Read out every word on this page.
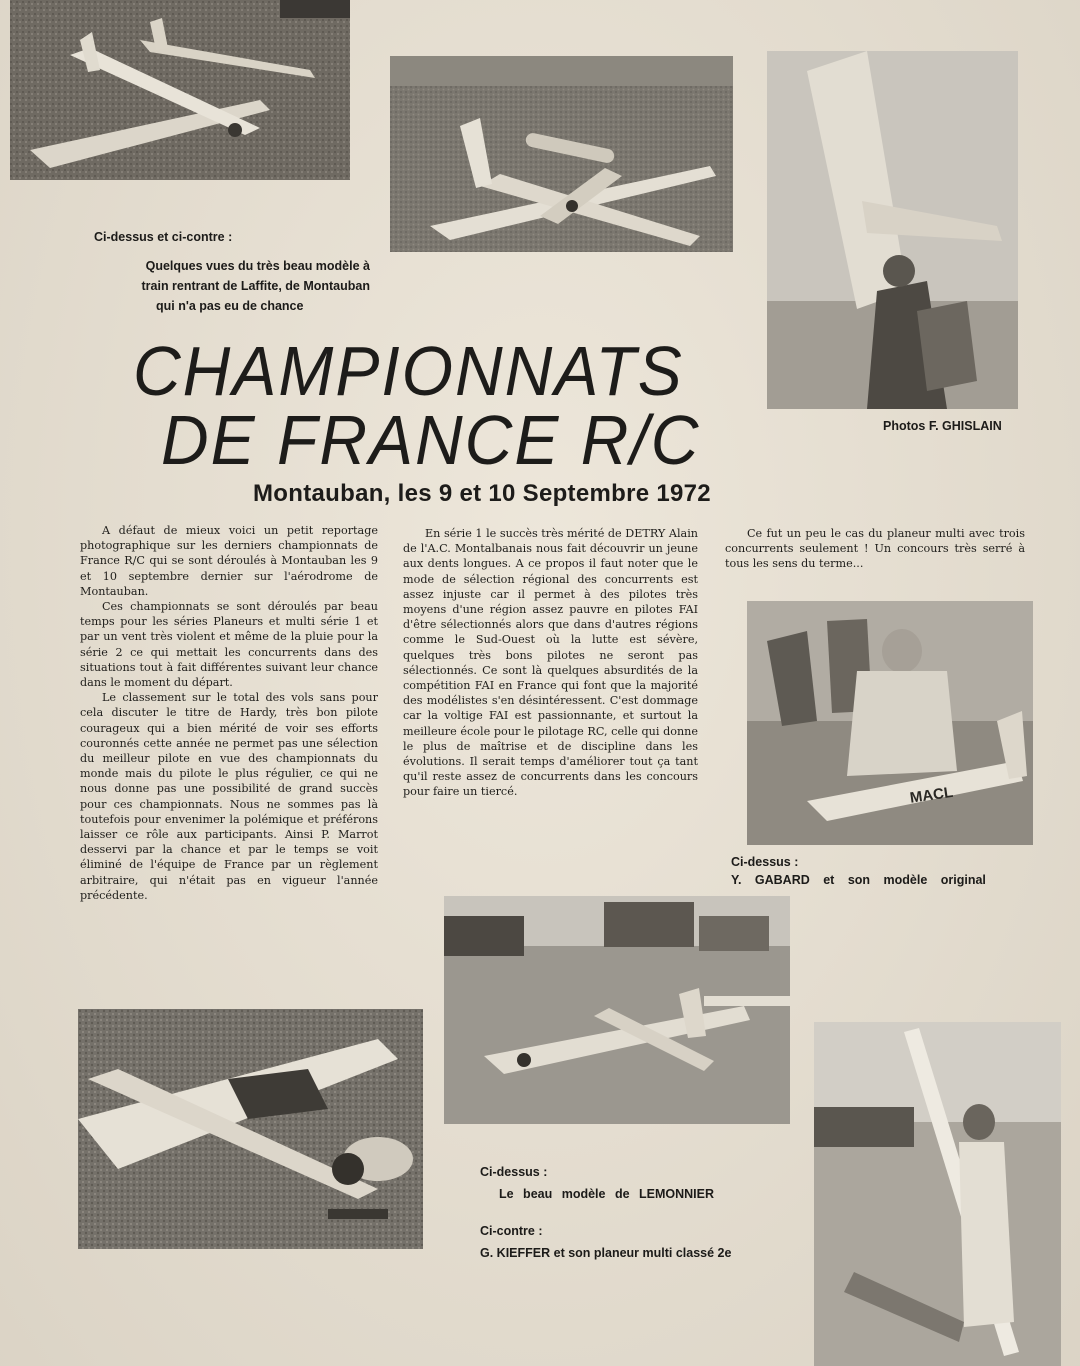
Ci-dessus et ci-contre :
Quelques vues du très beau modèle à
train rentrant de Laffite, de Montauban
qui n'a pas eu de chance
CHAMPIONNATS
DE FRANCE R/C	Photos F. GHISLAIN
Montauban, les 9 et 10 Septembre 1972

A défaut de mieux voici un petit reportage photographique sur les derniers championnats de France R/C qui se sont déroulés à Montauban les 9 et 10 septembre dernier sur l'aérodrome de Montauban.

Ces championnats se sont déroulés par beau temps pour les séries Planeurs et multi série 1 et par un vent très violent et même de la pluie pour la série 2 ce qui mettait les concurrents dans des situations tout à fait différentes suivant leur chance dans le moment du départ.

Le classement sur le total des vols sans pour cela discuter le titre de Hardy, très bon pilote courageux qui a bien mérité de voir ses efforts couronnés cette année ne permet pas une sélection du meilleur pilote en vue des championnats du monde mais du pilote le plus régulier, ce qui ne nous donne pas une possibilité de grand succès pour ces championnats. Nous ne sommes pas là toutefois pour envenimer la polémique et préférons laisser ce rôle aux participants. Ainsi P. Marrot desservi par la chance et par le temps se voit éliminé de l'équipe de France par un règlement arbitraire, qui n'était pas en vigueur l'année précédente.

En série 1 le succès très mérité de DETRY Alain de l'A.C. Montalbanais nous fait découvrir un jeune aux dents longues. A ce propos il faut noter que le mode de sélection régional des concurrents est assez injuste car il permet à des pilotes très moyens d'une région assez pauvre en pilotes FAI d'être sélectionnés alors que dans d'autres régions comme le Sud-Ouest où la lutte est sévère, quelques très bons pilotes ne seront pas sélectionnés. Ce sont là quelques absurdités de la compétition FAI en France qui font que la majorité des modélistes s'en désintéressent. C'est dommage car la voltige FAI est passionnante, et surtout la meilleure école pour le pilotage RC, celle qui donne le plus de maîtrise et de discipline dans les évolutions. Il serait temps d'améliorer tout ça tant qu'il reste assez de concurrents dans les concours pour faire un tiercé.

Ce fut un peu le cas du planeur multi avec trois concurrents seulement ! Un concours très serré à tous les sens du terme...

MACL
Ci-dessus :
Y. GABARD et son modèle original
Ci-dessus :
Le beau modèle de LEMONNIER
Ci-contre :
G. KIEFFER et son planeur multi classé 2e
